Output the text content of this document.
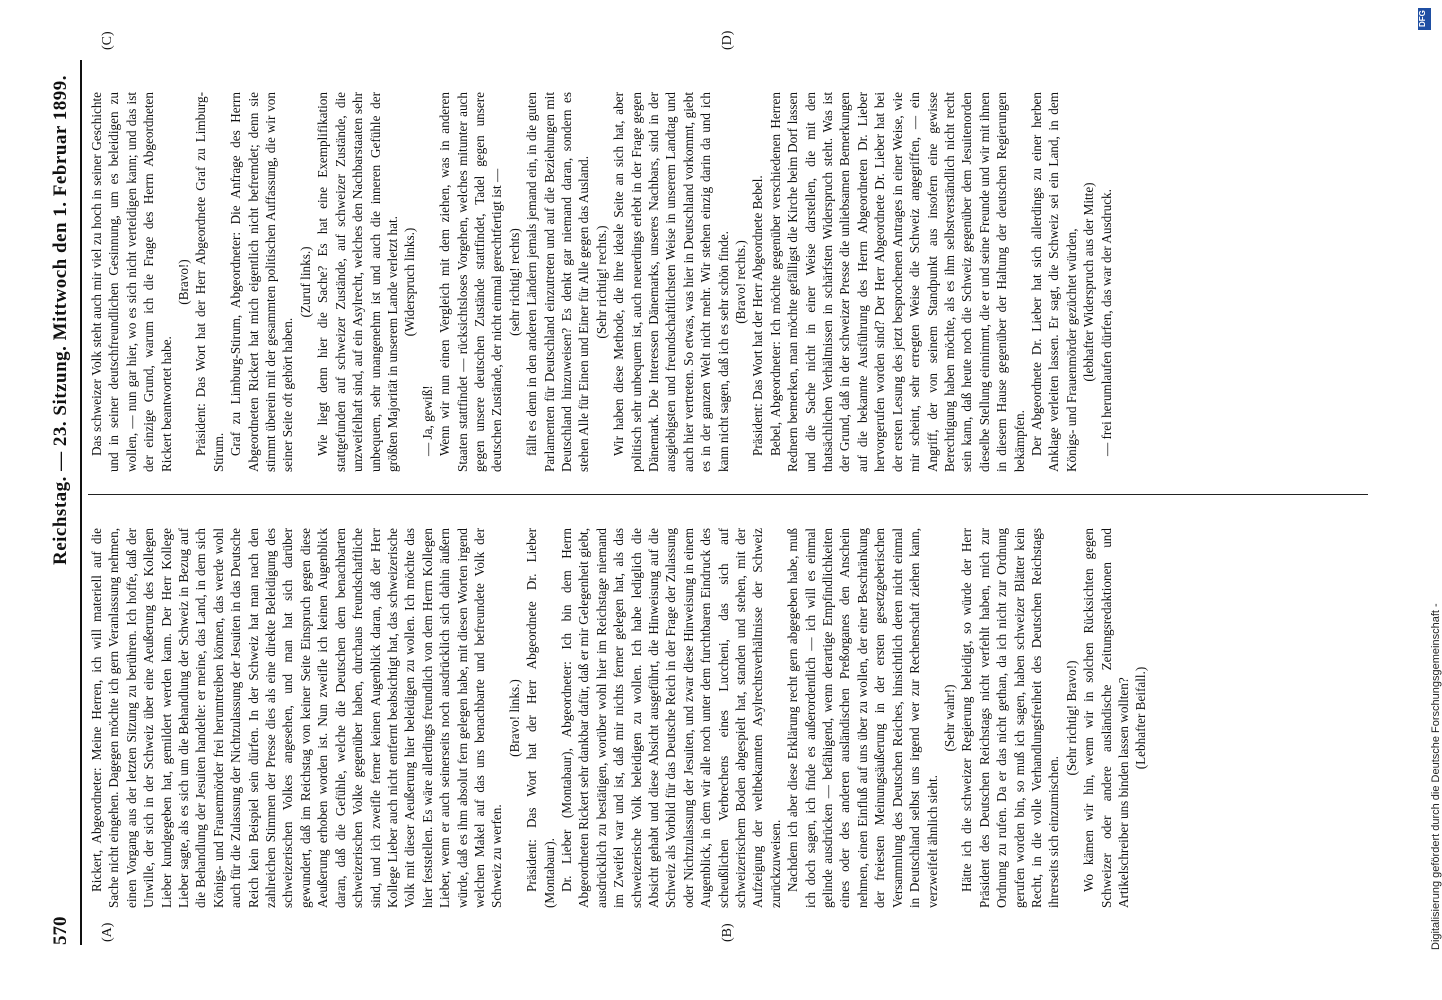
570
Reichstag. — 23. Sitzung. Mittwoch den 1. Februar 1899.
(A)	(B)
(C)	(D)

Rickert, Abgeordneter: Meine Herren, ich will materiell auf die Sache nicht eingehen. Dagegen möchte ich gern Veranlassung nehmen, einen Vorgang aus der letzten Sitzung zu berühren. Ich hoffe, daß der Unwille, der sich in der Schweiz über eine Aeußerung des Kollegen Lieber kundgegeben hat, gemildert werden kann. Der Herr Kollege Lieber sagte, als es sich um die Behandlung der Schweiz in Bezug auf die Behandlung der Jesuiten handelte: er meine, das Land, in dem sich Königs- und Frauenmörder frei herumtreiben können, das werde wohl auch für die Zulassung der Nichtzulassung der Jesuiten in das Deutsche Reich kein Beispiel sein dürfen. In der Schweiz hat man nach den zahlreichen Stimmen der Presse dies als eine direkte Beleidigung des schweizerischen Volkes angesehen, und man hat sich darüber gewundert, daß im Reichstag von keiner Seite Einspruch gegen diese Aeußerung erhoben worden ist. Nun zweifle ich keinen Augenblick daran, daß die Gefühle, welche die Deutschen dem benachbarten schweizerischen Volke gegenüber haben, durchaus freundschaftliche sind, und ich zweifle ferner keinen Augenblick daran, daß der Herr Kollege Lieber auch nicht entfernt beabsichtigt hat, das schweizerische Volk mit dieser Aeußerung hier beleidigen zu wollen. Ich möchte das hier feststellen. Es wäre allerdings freundlich von dem Herrn Kollegen Lieber, wenn er auch seinerseits noch ausdrücklich sich dahin äußern würde, daß es ihm absolut fern gelegen habe, mit diesen Worten irgend welchen Makel auf das uns benachbarte und befreundete Volk der Schweiz zu werfen.

(Bravo! links.) Präsident: Das Wort hat der Herr Abgeordnete Dr. Lieber (Montabaur). Dr. Lieber (Montabaur), Abgeordneter: Ich bin dem Herrn Abgeordneten Rickert sehr dankbar dafür, daß er mir Gelegenheit giebt, ausdrücklich zu bestätigen, worüber wohl hier im Reichstage niemand im Zweifel war und ist, daß mir nichts ferner gelegen hat, als das schweizerische Volk beleidigen zu wollen. Ich habe lediglich die Absicht gehabt und diese Absicht ausgeführt, die Hinweisung auf die Schweiz als Vorbild für das Deutsche Reich in der Frage der Zulassung oder Nichtzulassung der Jesuiten, und zwar diese Hinweisung in einem Augenblick, in dem wir alle noch unter dem furchtbaren Eindruck des scheußlichen Verbrechens eines Luccheni, das sich auf schweizerischem Boden abgespielt hat, standen und stehen, mit der Aufzeigung der weltbekannten Asylrechtsverhältnisse der Schweiz zurückzuweisen. Nachdem ich aber diese Erklärung recht gern abgegeben habe, muß ich doch sagen, ich finde es außerordentlich — ich will es einmal gelinde ausdrücken — befähigend, wenn derartige Empfindlichkeiten eines oder des anderen ausländischen Preßorganes den Anschein nehmen, einen Einfluß auf uns über zu wollen, der einer Beschränkung der freiesten Meinungsäußerung in der ersten gesetzgeberischen Versammlung des Deutschen Reiches, hinsichtlich deren nicht einmal in Deutschland selbst uns irgend wer zur Rechenschaft ziehen kann, verzweifelt ähnlich sieht.

(Sehr wahr!) Hätte ich die schweizer Regierung beleidigt, so würde der Herr Präsident des Deutschen Reichstags nicht verfehlt haben, mich zur Ordnung zu rufen. Da er das nicht gethan, da ich nicht zur Ordnung gerufen worden bin, so muß ich sagen, haben schweizer Blätter kein Recht, in die volle Verhandlungsfreiheit des Deutschen Reichstags ihrerseits sich einzumischen.

(Sehr richtig! Bravo!) Wo kämen wir hin, wenn wir in solchen Rücksichten gegen Schweizer oder andere ausländische Zeitungsredaktionen und Artikelschreiber uns binden lassen wollten? (Lebhafter Beifall.)

Das schweizer Volk steht auch mir viel zu hoch in seiner Geschichte und in seiner deutschfreundlichen Gesinnung, um es beleidigen zu wollen, — nun gar hier, wo es sich nicht verteidigen kann; und das ist der einzige Grund, warum ich die Frage des Herrn Abgeordneten Rickert beantwortet habe.

(Bravo!) Präsident: Das Wort hat der Herr Abgeordnete Graf zu Limburg-Stirum. Graf zu Limburg-Stirum, Abgeordneter: Die Anfrage des Herrn Abgeordneten Rickert hat mich eigentlich nicht befremdet; denn sie stimmt überein mit der gesammten politischen Auffassung, die wir von seiner Seite oft gehört haben.

(Zuruf links.) Wie liegt denn hier die Sache? Es hat eine Exemplifikation stattgefunden auf schweizer Zustände, auf schweizer Zustände, die unzweifelhaft sind, auf ein Asylrecht, welches den Nachbarstaaten sehr unbequem, sehr unangenehm ist und auch die inneren Gefühle der größten Majorität in unserem Lande verletzt hat. (Widerspruch links.)

— Ja, gewiß! Wenn wir nun einen Vergleich mit dem ziehen, was in anderen Staaten stattfindet — rücksichtsloses Vorgehen, welches mitunter auch gegen unsere deutschen Zustände stattfindet, Tadel gegen unsere deutschen Zustände, der nicht einmal gerechtfertigt ist — (sehr richtig! rechts) fällt es denn in den anderen Ländern jemals jemand ein, in die guten Parlamenten für Deutschland einzutreten und auf die Beziehungen mit Deutschland hinzuweisen? Es denkt gar niemand daran, sondern es stehen Alle für Einen und Einer für Alle gegen das Ausland. (Sehr richtig! rechts.) Wir haben diese Methode, die ihre ideale Seite an sich hat, aber politisch sehr unbequem ist, auch neuerdings erlebt in der Frage gegen Dänemark. Die Interessen Dänemarks, unseres Nachbars, sind in der ausgiebigsten und freundschaftlichsten Weise in unserem Landtag und auch hier vertreten. So etwas, was hier in Deutschland vorkommt, giebt es in der ganzen Welt nicht mehr. Wir stehen einzig darin da und ich kann nicht sagen, daß ich es sehr schön finde. (Bravo! rechts.) Präsident: Das Wort hat der Herr Abgeordnete Bebel. Bebel, Abgeordneter: Ich möchte gegenüber verschiedenen Herren Rednern bemerken, man möchte gefälligst die Kirche beim Dorf lassen und die Sache nicht in einer Weise darstellen, die mit den thatsächlichen Verhältnissen in schärfsten Widerspruch steht. Was ist der Grund, daß in der schweizer Presse die unliebsamen Bemerkungen auf die bekannte Ausführung des Herrn Abgeordneten Dr. Lieber hervorgerufen worden sind? Der Herr Abgeordnete Dr. Lieber hat bei der ersten Lesung des jetzt besprochenen Antrages in einer Weise, wie mir scheint, sehr erregten Weise die Schweiz angegriffen, — ein Angriff, der von seinem Standpunkt aus insofern eine gewisse Berechtigung haben möchte, als es ihm selbstverständlich nicht recht sein kann, daß heute noch die Schweiz gegenüber dem Jesuitenorden dieselbe Stellung einnimmt, die er und seine Freunde und wir mit ihnen in diesem Hause gegenüber der Haltung der deutschen Regierungen bekämpfen. Der Abgeordnete Dr. Lieber hat sich allerdings zu einer herben Anklage verleiten lassen. Er sagt, die Schweiz sei ein Land, in dem Königs- und Frauenmörder gezüchtet würden, (lebhafter Widerspruch aus der Mitte) — frei herumlaufen dürfen, das war der Ausdruck.

Digitalisierung gefördert durch die Deutsche Forschungsgemeinschaft -
DFG
